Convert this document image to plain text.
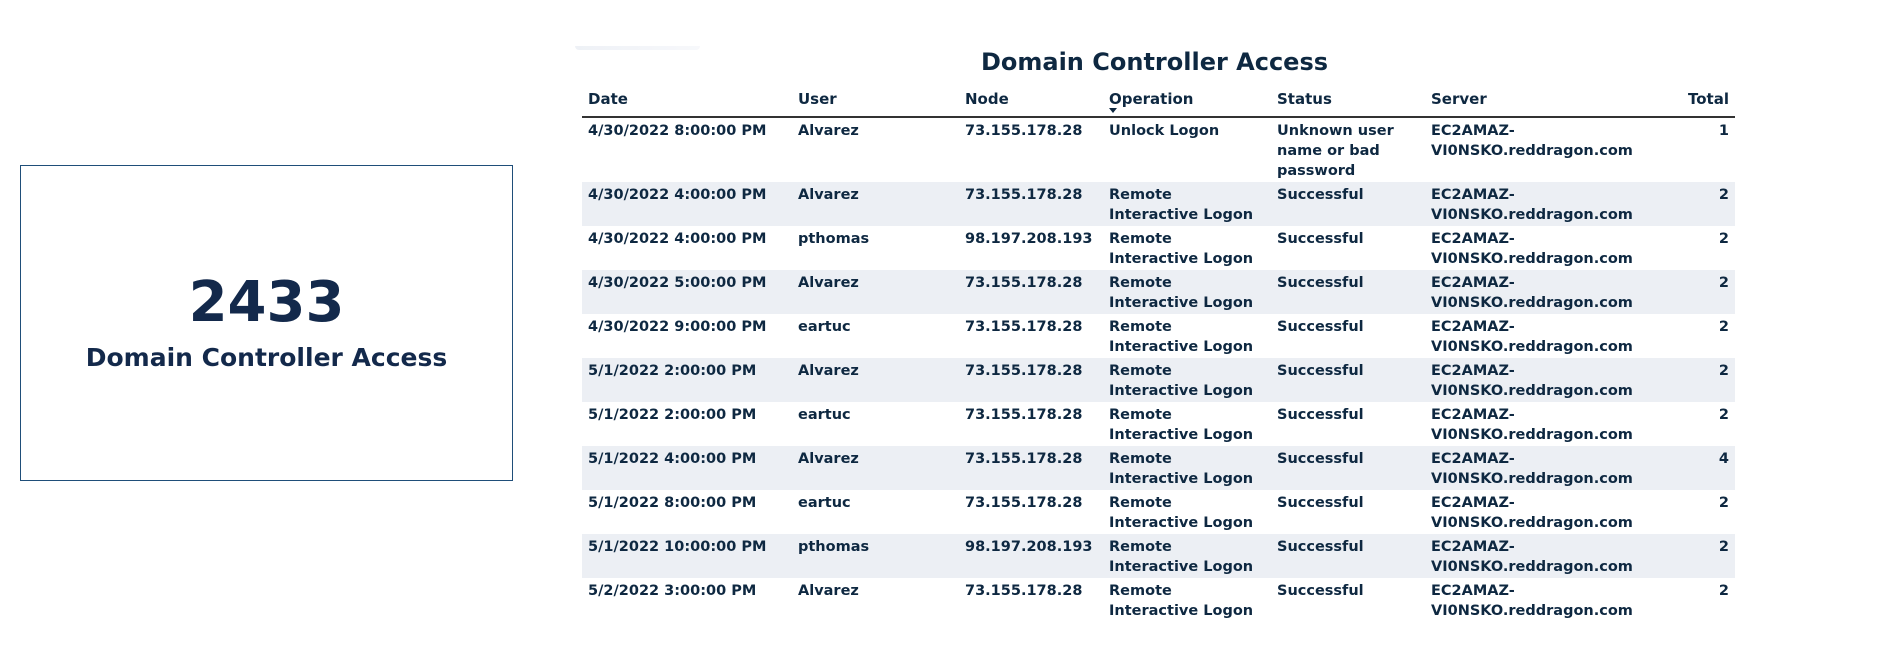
2433
Domain Controller Access
Domain Controller Access
Date	User	Node	Operation	Status	Server	Total
4/30/2022 8:00:00 PM	Alvarez	73.155.178.28	Unlock Logon	Unknown user name or bad password	EC2AMAZ-VI0NSKO.reddragon.com	1
4/30/2022 4:00:00 PM	Alvarez	73.155.178.28	Remote Interactive Logon	Successful	EC2AMAZ-VI0NSKO.reddragon.com	2
4/30/2022 4:00:00 PM	pthomas	98.197.208.193	Remote Interactive Logon	Successful	EC2AMAZ-VI0NSKO.reddragon.com	2
4/30/2022 5:00:00 PM	Alvarez	73.155.178.28	Remote Interactive Logon	Successful	EC2AMAZ-VI0NSKO.reddragon.com	2
4/30/2022 9:00:00 PM	eartuc	73.155.178.28	Remote Interactive Logon	Successful	EC2AMAZ-VI0NSKO.reddragon.com	2
5/1/2022 2:00:00 PM	Alvarez	73.155.178.28	Remote Interactive Logon	Successful	EC2AMAZ-VI0NSKO.reddragon.com	2
5/1/2022 2:00:00 PM	eartuc	73.155.178.28	Remote Interactive Logon	Successful	EC2AMAZ-VI0NSKO.reddragon.com	2
5/1/2022 4:00:00 PM	Alvarez	73.155.178.28	Remote Interactive Logon	Successful	EC2AMAZ-VI0NSKO.reddragon.com	4
5/1/2022 8:00:00 PM	eartuc	73.155.178.28	Remote Interactive Logon	Successful	EC2AMAZ-VI0NSKO.reddragon.com	2
5/1/2022 10:00:00 PM	pthomas	98.197.208.193	Remote Interactive Logon	Successful	EC2AMAZ-VI0NSKO.reddragon.com	2
5/2/2022 3:00:00 PM	Alvarez	73.155.178.28	Remote Interactive Logon	Successful	EC2AMAZ-VI0NSKO.reddragon.com	2
